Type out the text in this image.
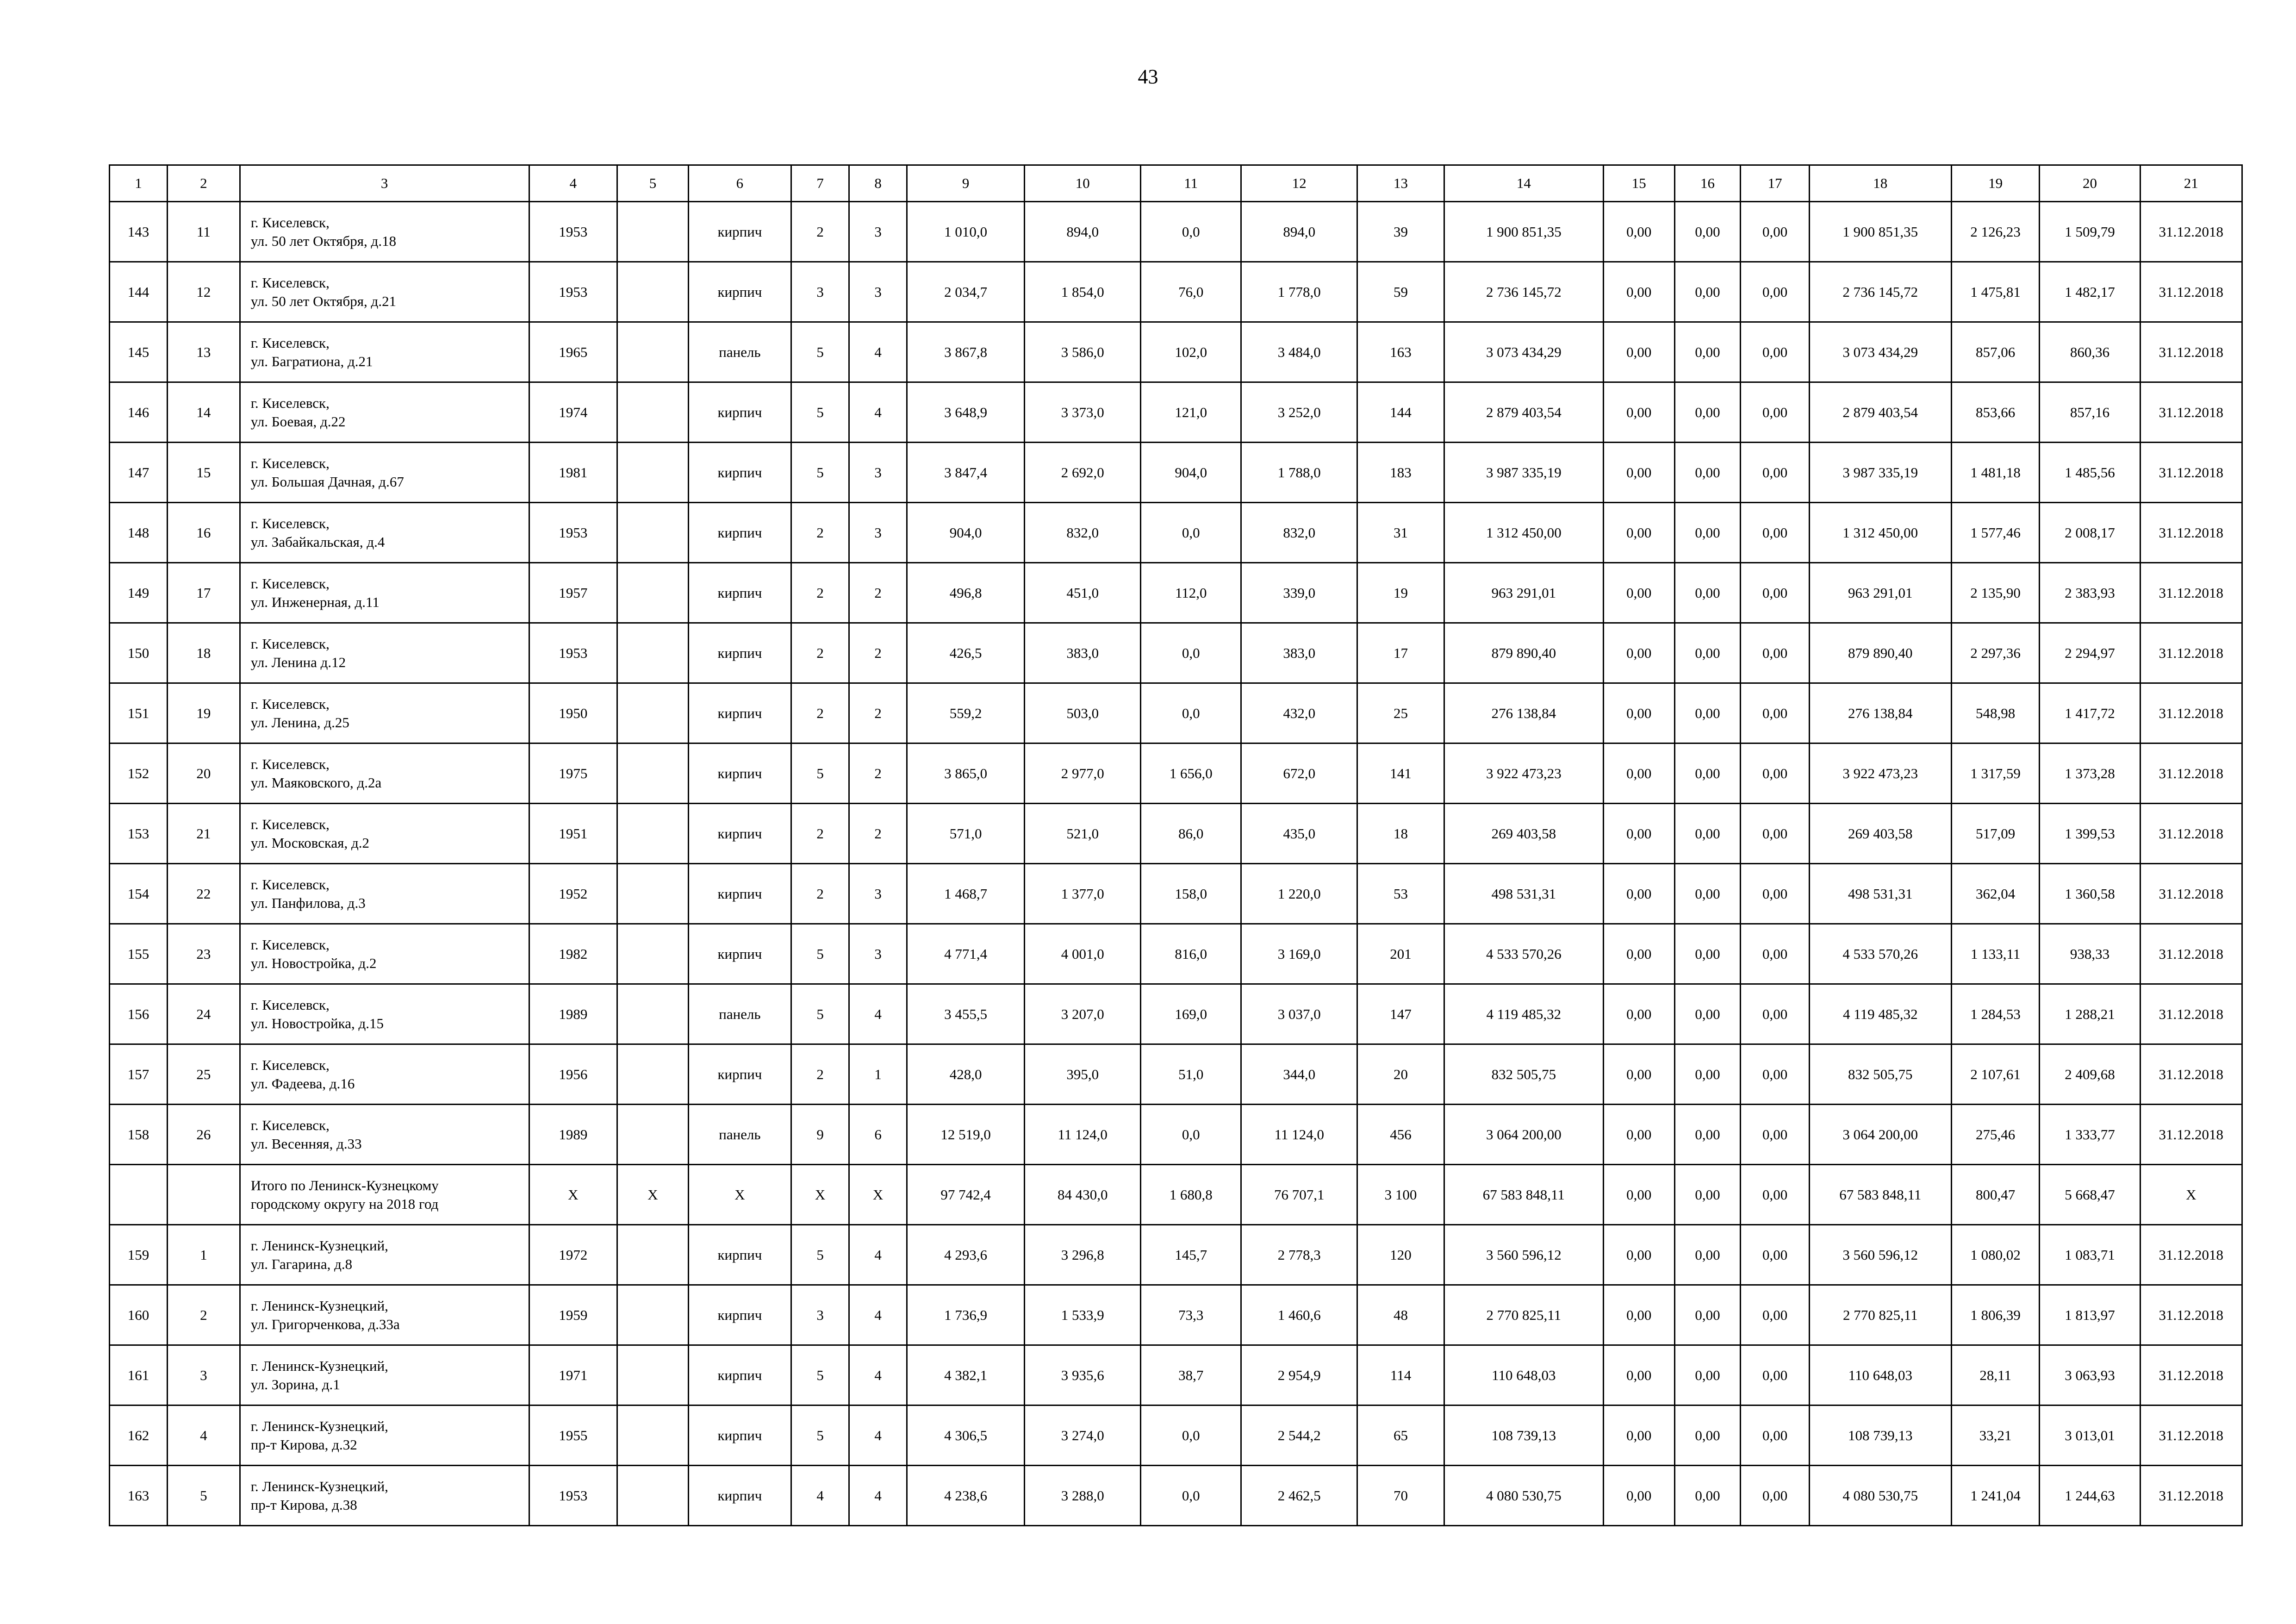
43
1	2	3	4	5	6	7	8	9	10	11	12	13	14	15	16	17	18	19	20	21
143	11	г. Киселевск,
ул. 50 лет Октября, д.18	1953		кирпич	2	3	1 010,0	894,0	0,0	894,0	39	1 900 851,35	0,00	0,00	0,00	1 900 851,35	2 126,23	1 509,79	31.12.2018
144	12	г. Киселевск,
ул. 50 лет Октября, д.21	1953		кирпич	3	3	2 034,7	1 854,0	76,0	1 778,0	59	2 736 145,72	0,00	0,00	0,00	2 736 145,72	1 475,81	1 482,17	31.12.2018
145	13	г. Киселевск,
ул. Багратиона, д.21	1965		панель	5	4	3 867,8	3 586,0	102,0	3 484,0	163	3 073 434,29	0,00	0,00	0,00	3 073 434,29	857,06	860,36	31.12.2018
146	14	г. Киселевск,
ул. Боевая, д.22	1974		кирпич	5	4	3 648,9	3 373,0	121,0	3 252,0	144	2 879 403,54	0,00	0,00	0,00	2 879 403,54	853,66	857,16	31.12.2018
147	15	г. Киселевск,
ул. Большая Дачная, д.67	1981		кирпич	5	3	3 847,4	2 692,0	904,0	1 788,0	183	3 987 335,19	0,00	0,00	0,00	3 987 335,19	1 481,18	1 485,56	31.12.2018
148	16	г. Киселевск,
ул. Забайкальская, д.4	1953		кирпич	2	3	904,0	832,0	0,0	832,0	31	1 312 450,00	0,00	0,00	0,00	1 312 450,00	1 577,46	2 008,17	31.12.2018
149	17	г. Киселевск,
ул. Инженерная, д.11	1957		кирпич	2	2	496,8	451,0	112,0	339,0	19	963 291,01	0,00	0,00	0,00	963 291,01	2 135,90	2 383,93	31.12.2018
150	18	г. Киселевск,
ул. Ленина д.12	1953		кирпич	2	2	426,5	383,0	0,0	383,0	17	879 890,40	0,00	0,00	0,00	879 890,40	2 297,36	2 294,97	31.12.2018
151	19	г. Киселевск,
ул. Ленина, д.25	1950		кирпич	2	2	559,2	503,0	0,0	432,0	25	276 138,84	0,00	0,00	0,00	276 138,84	548,98	1 417,72	31.12.2018
152	20	г. Киселевск,
ул. Маяковского, д.2а	1975		кирпич	5	2	3 865,0	2 977,0	1 656,0	672,0	141	3 922 473,23	0,00	0,00	0,00	3 922 473,23	1 317,59	1 373,28	31.12.2018
153	21	г. Киселевск,
ул. Московская, д.2	1951		кирпич	2	2	571,0	521,0	86,0	435,0	18	269 403,58	0,00	0,00	0,00	269 403,58	517,09	1 399,53	31.12.2018
154	22	г. Киселевск,
ул. Панфилова, д.3	1952		кирпич	2	3	1 468,7	1 377,0	158,0	1 220,0	53	498 531,31	0,00	0,00	0,00	498 531,31	362,04	1 360,58	31.12.2018
155	23	г. Киселевск,
ул. Новостройка, д.2	1982		кирпич	5	3	4 771,4	4 001,0	816,0	3 169,0	201	4 533 570,26	0,00	0,00	0,00	4 533 570,26	1 133,11	938,33	31.12.2018
156	24	г. Киселевск,
ул. Новостройка, д.15	1989		панель	5	4	3 455,5	3 207,0	169,0	3 037,0	147	4 119 485,32	0,00	0,00	0,00	4 119 485,32	1 284,53	1 288,21	31.12.2018
157	25	г. Киселевск,
ул. Фадеева, д.16	1956		кирпич	2	1	428,0	395,0	51,0	344,0	20	832 505,75	0,00	0,00	0,00	832 505,75	2 107,61	2 409,68	31.12.2018
158	26	г. Киселевск,
ул. Весенняя, д.33	1989		панель	9	6	12 519,0	11 124,0	0,0	11 124,0	456	3 064 200,00	0,00	0,00	0,00	3 064 200,00	275,46	1 333,77	31.12.2018

		Итого по Ленинск-Кузнецкому
городскому округу на 2018 год	Х	Х	Х	Х	Х	97 742,4	84 430,0	1 680,8	76 707,1	3 100	67 583 848,11	0,00	0,00	0,00	67 583 848,11	800,47	5 668,47	Х
159	1	г. Ленинск-Кузнецкий,
ул. Гагарина, д.8	1972		кирпич	5	4	4 293,6	3 296,8	145,7	2 778,3	120	3 560 596,12	0,00	0,00	0,00	3 560 596,12	1 080,02	1 083,71	31.12.2018
160	2	г. Ленинск-Кузнецкий,
ул. Григорченкова, д.33а	1959		кирпич	3	4	1 736,9	1 533,9	73,3	1 460,6	48	2 770 825,11	0,00	0,00	0,00	2 770 825,11	1 806,39	1 813,97	31.12.2018
161	3	г. Ленинск-Кузнецкий,
ул. Зорина, д.1	1971		кирпич	5	4	4 382,1	3 935,6	38,7	2 954,9	114	110 648,03	0,00	0,00	0,00	110 648,03	28,11	3 063,93	31.12.2018
162	4	г. Ленинск-Кузнецкий,
пр-т Кирова, д.32	1955		кирпич	5	4	4 306,5	3 274,0	0,0	2 544,2	65	108 739,13	0,00	0,00	0,00	108 739,13	33,21	3 013,01	31.12.2018
163	5	г. Ленинск-Кузнецкий,
пр-т Кирова, д.38	1953		кирпич	4	4	4 238,6	3 288,0	0,0	2 462,5	70	4 080 530,75	0,00	0,00	0,00	4 080 530,75	1 241,04	1 244,63	31.12.2018
